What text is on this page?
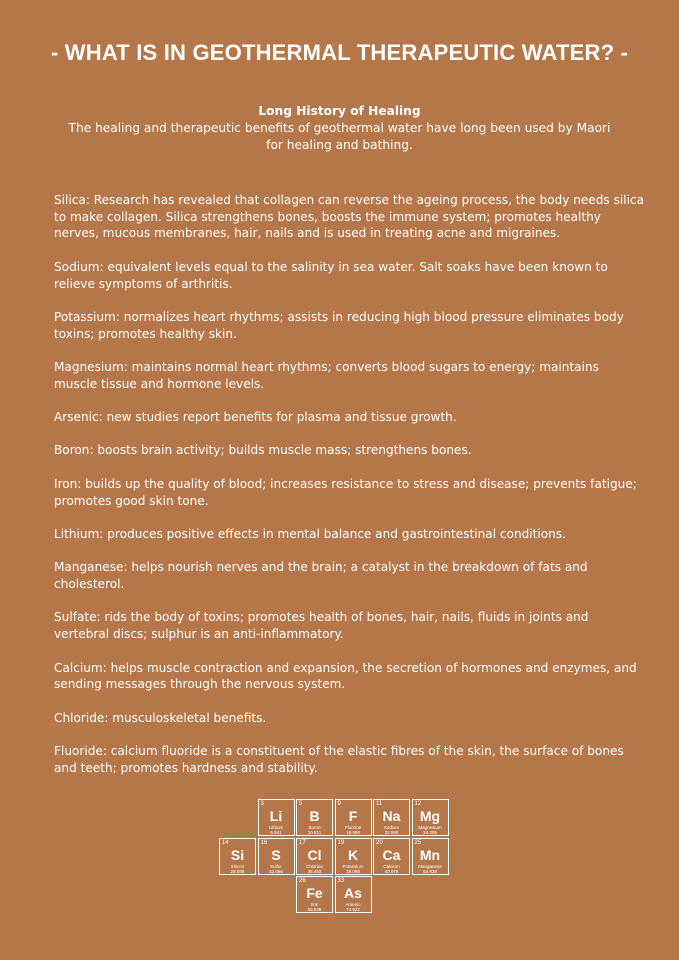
- WHAT IS IN GEOTHERMAL THERAPEUTIC WATER? -
Long History of Healing
The healing and therapeutic benefits of geothermal water have long been used by Maori for healing and bathing.

Silica: Research has revealed that collagen can reverse the ageing process, the body needs silica to make collagen. Silica strengthens bones, boosts the immune system; promotes healthy nerves, mucous membranes, hair, nails and is used in treating acne and migraines.

Sodium: equivalent levels equal to the salinity in sea water. Salt soaks have been known to relieve symptoms of arthritis.

Potassium: normalizes heart rhythms; assists in reducing high blood pressure eliminates body toxins; promotes healthy skin.

Magnesium: maintains normal heart rhythms; converts blood sugars to energy; maintains muscle tissue and hormone levels.

Arsenic: new studies report benefits for plasma and tissue growth.

Boron: boosts brain activity; builds muscle mass; strengthens bones.

Iron: builds up the quality of blood; increases resistance to stress and disease; prevents fatigue; promotes good skin tone.

Lithium: produces positive effects in mental balance and gastrointestinal conditions.

Manganese: helps nourish nerves and the brain; a catalyst in the breakdown of fats and cholesterol.

Sulfate: rids the body of toxins; promotes health of bones, hair, nails, fluids in joints and vertebral discs; sulphur is an anti-inflammatory.

Calcium: helps muscle contraction and expansion, the secretion of hormones and enzymes, and sending messages through the nervous system.

Chloride: musculoskeletal benefits.

Fluoride: calcium fluoride is a constituent of the elastic fibres of the skin, the surface of bones and teeth; promotes hardness and stability.

3
Li
Lithium
6.941
5
B
Boron
10.811
9
F
Fluorine
18.998
11
Na
Sodium
22.990
12
Mg
Magnesium
24.305
14
Si
Silicon
28.086
16
S
Sulfur
32.066
17
Cl
Chlorine
35.453
19
K
Potassium
39.098
20
Ca
Calcium
40.078
25
Mn
Manganese
54.938
26
Fe
Iron
55.845
33
As
Arsenic
74.922
